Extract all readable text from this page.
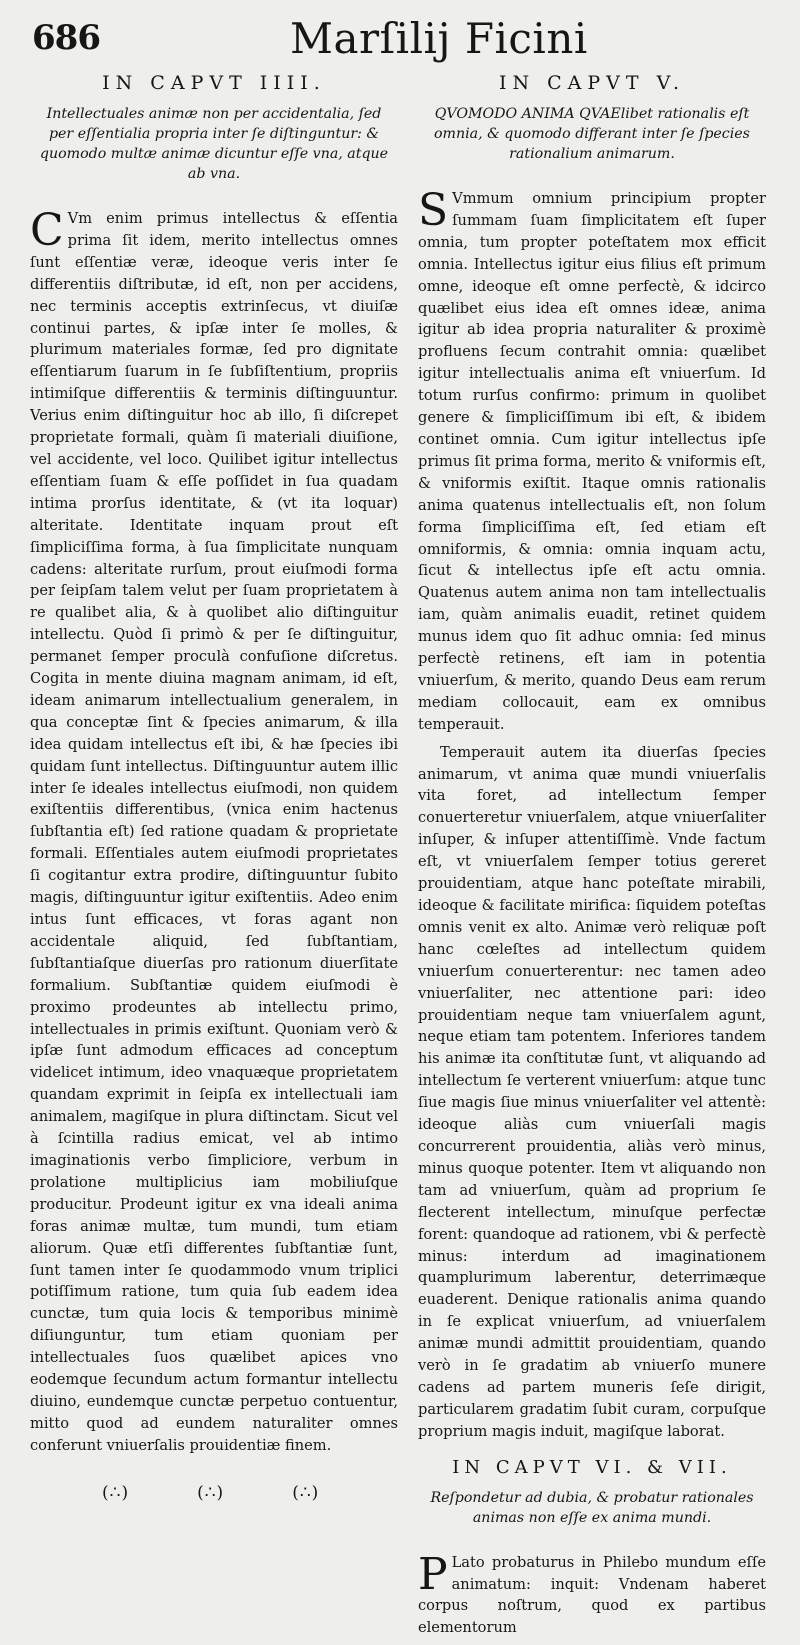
686	Marſilij Ficini
IN CAPVT IIII.
Intellectuales animæ non per accidentalia, ſed per eſſentialia propria inter ſe diſtinguntur: & quomodo multæ animæ dicuntur eſſe vna, atque ab vna.

C Vm enim primus intellectus & eſſentia prima ſit idem, merito intellectus omnes ſunt eſſentiæ veræ, ideoque veris inter ſe differentiis diſtributæ, id eſt, non per accidens, nec terminis acceptis extrinſecus, vt diuiſæ continui partes, & ipſæ inter ſe molles, & plurimum materiales formæ, ſed pro dignitate eſſentiarum ſuarum in ſe ſubſiſtentium, propriis intimiſque differentiis & terminis diſtinguuntur. Verius enim diſtinguitur hoc ab illo, ſi diſcrepet proprietate formali, quàm ſi materiali diuiſione, vel accidente, vel loco. Quilibet igitur intellectus eſſentiam ſuam & eſſe poſſidet in ſua quadam intima prorſus identitate, & (vt ita loquar) alteritate. Identitate inquam prout eſt ſimpliciſſima forma, à ſua ſimplicitate nunquam cadens: alteritate rurſum, prout eiuſmodi forma per ſeipſam talem velut per ſuam proprietatem à re qualibet alia, & à quolibet alio diſtinguitur intellectu. Quòd ſi primò & per ſe diſtinguitur, permanet ſemper proculà confuſione diſcretus. Cogita in mente diuina magnam animam, id eſt, ideam animarum intellectualium generalem, in qua conceptæ ſint & ſpecies animarum, & illa idea quidam intellectus eſt ibi, & hæ ſpecies ibi quidam ſunt intellectus. Diſtinguuntur autem illic inter ſe ideales intellectus eiuſmodi, non quidem exiſtentiis differentibus, (vnica enim hactenus ſubſtantia eſt) ſed ratione quadam & proprietate formali. Eſſentiales autem eiuſmodi proprietates ſi cogitantur extra prodire, diſtinguuntur ſubito magis, diſtinguuntur igitur exiſtentiis. Adeo enim intus ſunt efficaces, vt foras agant non accidentale aliquid, ſed ſubſtantiam, ſubſtantiaſque diuerſas pro rationum diuerſitate formalium. Subſtantiæ quidem eiuſmodi è proximo prodeuntes ab intellectu primo, intellectuales in primis exiſtunt. Quoniam verò & ipſæ ſunt admodum efficaces ad conceptum videlicet intimum, ideo vnaquæque proprietatem quandam exprimit in ſeipſa ex intellectuali iam animalem, magiſque in plura diſtinctam. Sicut vel à ſcintilla radius emicat, vel ab intimo imaginationis verbo ſimpliciore, verbum in prolatione multiplicius iam mobiliuſque producitur. Prodeunt igitur ex vna ideali anima foras animæ multæ, tum mundi, tum etiam aliorum. Quæ etſi differentes ſubſtantiæ ſunt, ſunt tamen inter ſe quodammodo vnum triplici potiſſimum ratione, tum quia ſub eadem idea cunctæ, tum quia locis & temporibus minimè diſiunguntur, tum etiam quoniam per intellectuales ſuos quælibet apices vno eodemque ſecundum actum formantur intellectu diuino, eundemque cunctæ perpetuo contuentur, mitto quod ad eundem naturaliter omnes conferunt vniuerſalis prouidentiæ finem.

(∴)	(∴)	(∴)
IN CAPVT V.
QVOMODO ANIMA QVAElibet rationalis eſt omnia, & quomodo differant inter ſe ſpecies rationalium animarum.

S Vmmum omnium principium propter ſummam ſuam ſimplicitatem eſt ſuper omnia, tum propter poteſtatem mox efficit omnia. Intellectus igitur eius filius eſt primum omne, ideoque eſt omne perfectè, & idcirco quælibet eius idea eſt omnes ideæ, anima igitur ab idea propria naturaliter & proximè profluens ſecum contrahit omnia: quælibet igitur intellectualis anima eſt vniuerſum. Id totum rurſus confirmo: primum in quolibet genere & ſimpliciſſimum ibi eſt, & ibidem continet omnia. Cum igitur intellectus ipſe primus ſit prima forma, merito & vniformis eſt, & vniformis exiſtit. Itaque omnis rationalis anima quatenus intellectualis eſt, non ſolum forma ſimpliciſſima eſt, ſed etiam eſt omniformis, & omnia: omnia inquam actu, ſicut & intellectus ipſe eſt actu omnia. Quatenus autem anima non tam intellectualis iam, quàm animalis euadit, retinet quidem munus idem quo ſit adhuc omnia: ſed minus perfectè retinens, eſt iam in potentia vniuerſum, & merito, quando Deus eam rerum mediam collocauit, eam ex omnibus temperauit.

Temperauit autem ita diuerſas ſpecies animarum, vt anima quæ mundi vniuerſalis vita foret, ad intellectum ſemper conuerteretur vniuerſalem, atque vniuerſaliter inſuper, & inſuper attentiſſimè. Vnde factum eſt, vt vniuerſalem ſemper totius gereret prouidentiam, atque hanc poteſtate mirabili, ideoque & facilitate mirifica: ſiquidem poteſtas omnis venit ex alto. Animæ verò reliquæ poſt hanc cœleſtes ad intellectum quidem vniuerſum conuerterentur: nec tamen adeo vniuerſaliter, nec attentione pari: ideo prouidentiam neque tam vniuerſalem agunt, neque etiam tam potentem. Inferiores tandem his animæ ita conſtitutæ ſunt, vt aliquando ad intellectum ſe verterent vniuerſum: atque tunc ſiue magis ſiue minus vniuerſaliter vel attentè: ideoque aliàs cum vniuerſali magis concurrerent prouidentia, aliàs verò minus, minus quoque potenter. Item vt aliquando non tam ad vniuerſum, quàm ad proprium ſe flecterent intellectum, minuſque perfectæ forent: quandoque ad rationem, vbi & perfectè minus: interdum ad imaginationem quamplurimum laberentur, deterrimæque euaderent. Denique rationalis anima quando in ſe explicat vniuerſum, ad vniuerſalem animæ mundi admittit prouidentiam, quando verò in ſe gradatim ab vniuerſo munere cadens ad partem muneris ſeſe dirigit, particularem gradatim ſubit curam, corpuſque proprium magis induit, magiſque laborat.

IN CAPVT VI. & VII.
Reſpondetur ad dubia, & probatur rationales animas non eſſe ex anima mundi.

P Lato probaturus in Philebo mundum eſſe animatum: inquit: Vndenam haberet corpus noſtrum, quod ex partibus elementorum
